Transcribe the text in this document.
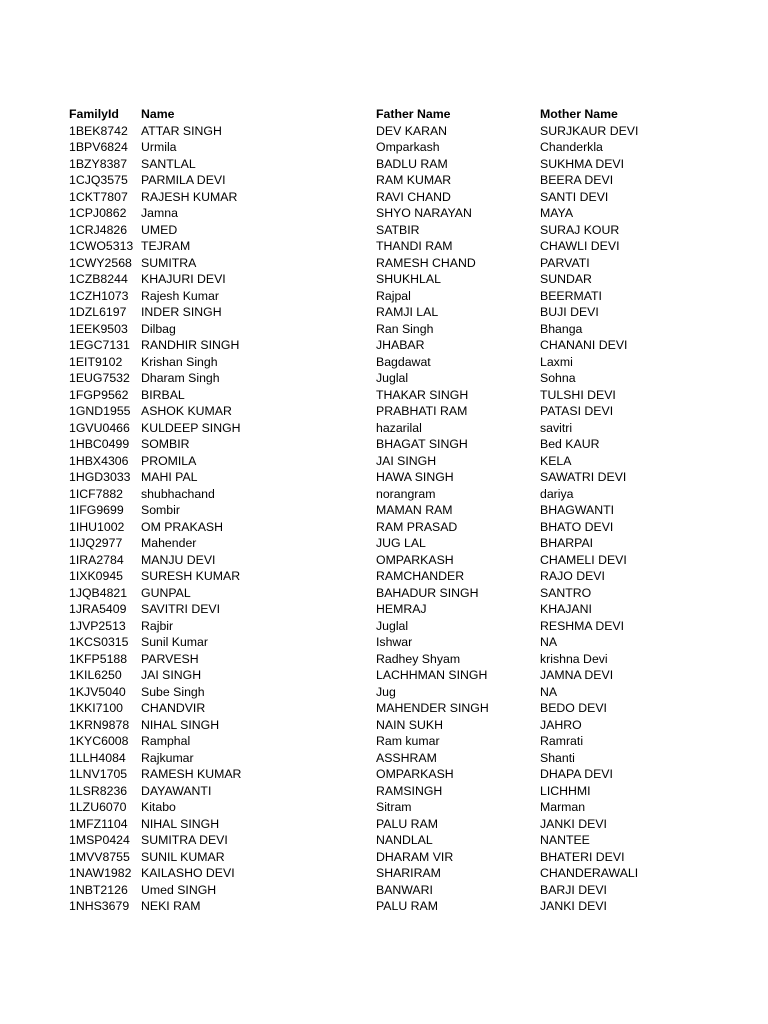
FamilyId Name	Father Name	Mother Name
1BEK8742 ATTAR SINGH	DEV KARAN	SURJKAUR DEVI
1BPV6824 Urmila	Omparkash	Chanderkla
1BZY8387 SANTLAL	BADLU RAM	SUKHMA DEVI
1CJQ3575 PARMILA DEVI	RAM KUMAR	BEERA DEVI
1CKT7807 RAJESH KUMAR	RAVI CHAND	SANTI DEVI
1CPJ0862 Jamna	SHYO NARAYAN	MAYA
1CRJ4826 UMED	SATBIR	SURAJ KOUR
1CWO5313 TEJRAM	THANDI RAM	CHAWLI DEVI
1CWY2568 SUMITRA	RAMESH CHAND	PARVATI
1CZB8244 KHAJURI DEVI	SHUKHLAL	SUNDAR
1CZH1073 Rajesh Kumar	Rajpal	BEERMATI
1DZL6197 INDER SINGH	RAMJI LAL	BUJI DEVI
1EEK9503 Dilbag	Ran Singh	Bhanga
1EGC7131 RANDHIR SINGH	JHABAR	CHANANI DEVI
1EIT9102 Krishan Singh	Bagdawat	Laxmi
1EUG7532 Dharam Singh	Juglal	Sohna
1FGP9562 BIRBAL	THAKAR SINGH	TULSHI DEVI
1GND1955 ASHOK KUMAR	PRABHATI RAM	PATASI DEVI
1GVU0466 KULDEEP SINGH	hazarilal	savitri
1HBC0499 SOMBIR	BHAGAT SINGH	Bed KAUR
1HBX4306 PROMILA	JAI SINGH	KELA
1HGD3033 MAHI PAL	HAWA SINGH	SAWATRI DEVI
1ICF7882 shubhachand	norangram	dariya
1IFG9699 Sombir	MAMAN RAM	BHAGWANTI
1IHU1002 OM PRAKASH	RAM PRASAD	BHATO DEVI
1IJQ2977 Mahender	JUG LAL	BHARPAI
1IRA2784 MANJU DEVI	OMPARKASH	CHAMELI DEVI
1IXK0945 SURESH KUMAR	RAMCHANDER	RAJO DEVI
1JQB4821 GUNPAL	BAHADUR SINGH	SANTRO
1JRA5409 SAVITRI DEVI	HEMRAJ	KHAJANI
1JVP2513 Rajbir	Juglal	RESHMA DEVI
1KCS0315 Sunil Kumar	Ishwar	NA
1KFP5188 PARVESH	Radhey Shyam	krishna Devi
1KIL6250 JAI SINGH	LACHHMAN SINGH	JAMNA DEVI
1KJV5040 Sube Singh	Jug	NA
1KKI7100 CHANDVIR	MAHENDER SINGH	BEDO DEVI
1KRN9878 NIHAL SINGH	NAIN SUKH	JAHRO
1KYC6008 Ramphal	Ram kumar	Ramrati
1LLH4084 Rajkumar	ASSHRAM	Shanti
1LNV1705 RAMESH KUMAR	OMPARKASH	DHAPA DEVI
1LSR8236 DAYAWANTI	RAMSINGH	LICHHMI
1LZU6070 Kitabo	Sitram	Marman
1MFZ1104 NIHAL SINGH	PALU RAM	JANKI DEVI
1MSP0424 SUMITRA DEVI	NANDLAL	NANTEE
1MVV8755 SUNIL KUMAR	DHARAM VIR	BHATERI DEVI
1NAW1982 KAILASHO DEVI	SHARIRAM	CHANDERAWALI
1NBT2126 Umed SINGH	BANWARI	BARJI DEVI
1NHS3679 NEKI RAM	PALU RAM	JANKI DEVI
